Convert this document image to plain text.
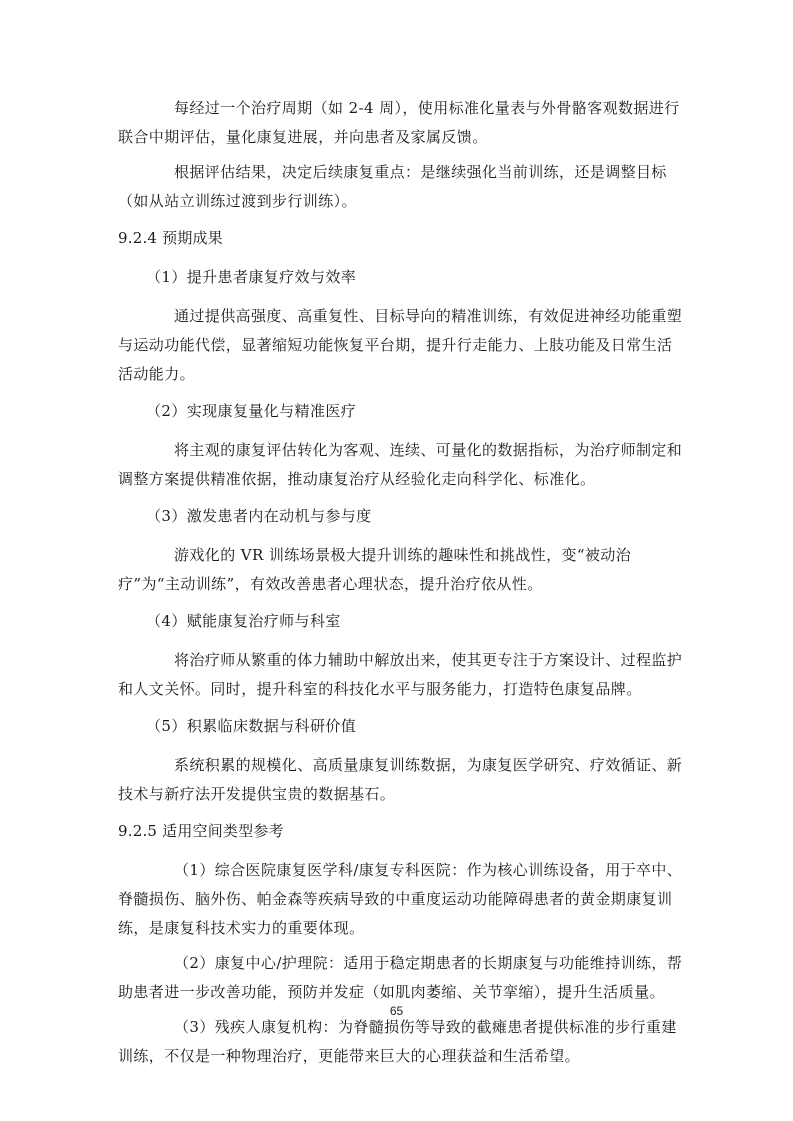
每经过一个治疗周期（如 2-4 周），使用标准化量表与外骨骼客观数据进行联合中期评估，量化康复进展，并向患者及家属反馈。

根据评估结果，决定后续康复重点：是继续强化当前训练，还是调整目标（如从站立训练过渡到步行训练）。

9.2.4 预期成果
（1）提升患者康复疗效与效率

通过提供高强度、高重复性、目标导向的精准训练，有效促进神经功能重塑与运动功能代偿，显著缩短功能恢复平台期，提升行走能力、上肢功能及日常生活活动能力。

（2）实现康复量化与精准医疗

将主观的康复评估转化为客观、连续、可量化的数据指标，为治疗师制定和调整方案提供精准依据，推动康复治疗从经验化走向科学化、标准化。

（3）激发患者内在动机与参与度

游戏化的 VR 训练场景极大提升训练的趣味性和挑战性，变“被动治疗”为“主动训练”，有效改善患者心理状态，提升治疗依从性。

（4）赋能康复治疗师与科室

将治疗师从繁重的体力辅助中解放出来，使其更专注于方案设计、过程监护和人文关怀。同时，提升科室的科技化水平与服务能力，打造特色康复品牌。

（5）积累临床数据与科研价值

系统积累的规模化、高质量康复训练数据，为康复医学研究、疗效循证、新技术与新疗法开发提供宝贵的数据基石。

9.2.5 适用空间类型参考

（1）综合医院康复医学科/康复专科医院：作为核心训练设备，用于卒中、脊髓损伤、脑外伤、帕金森等疾病导致的中重度运动功能障碍患者的黄金期康复训练，是康复科技术实力的重要体现。

（2）康复中心/护理院：适用于稳定期患者的长期康复与功能维持训练，帮助患者进一步改善功能，预防并发症（如肌肉萎缩、关节挛缩），提升生活质量。

（3）残疾人康复机构：为脊髓损伤等导致的截瘫患者提供标准的步行重建训练，不仅是一种物理治疗，更能带来巨大的心理获益和生活希望。

65
